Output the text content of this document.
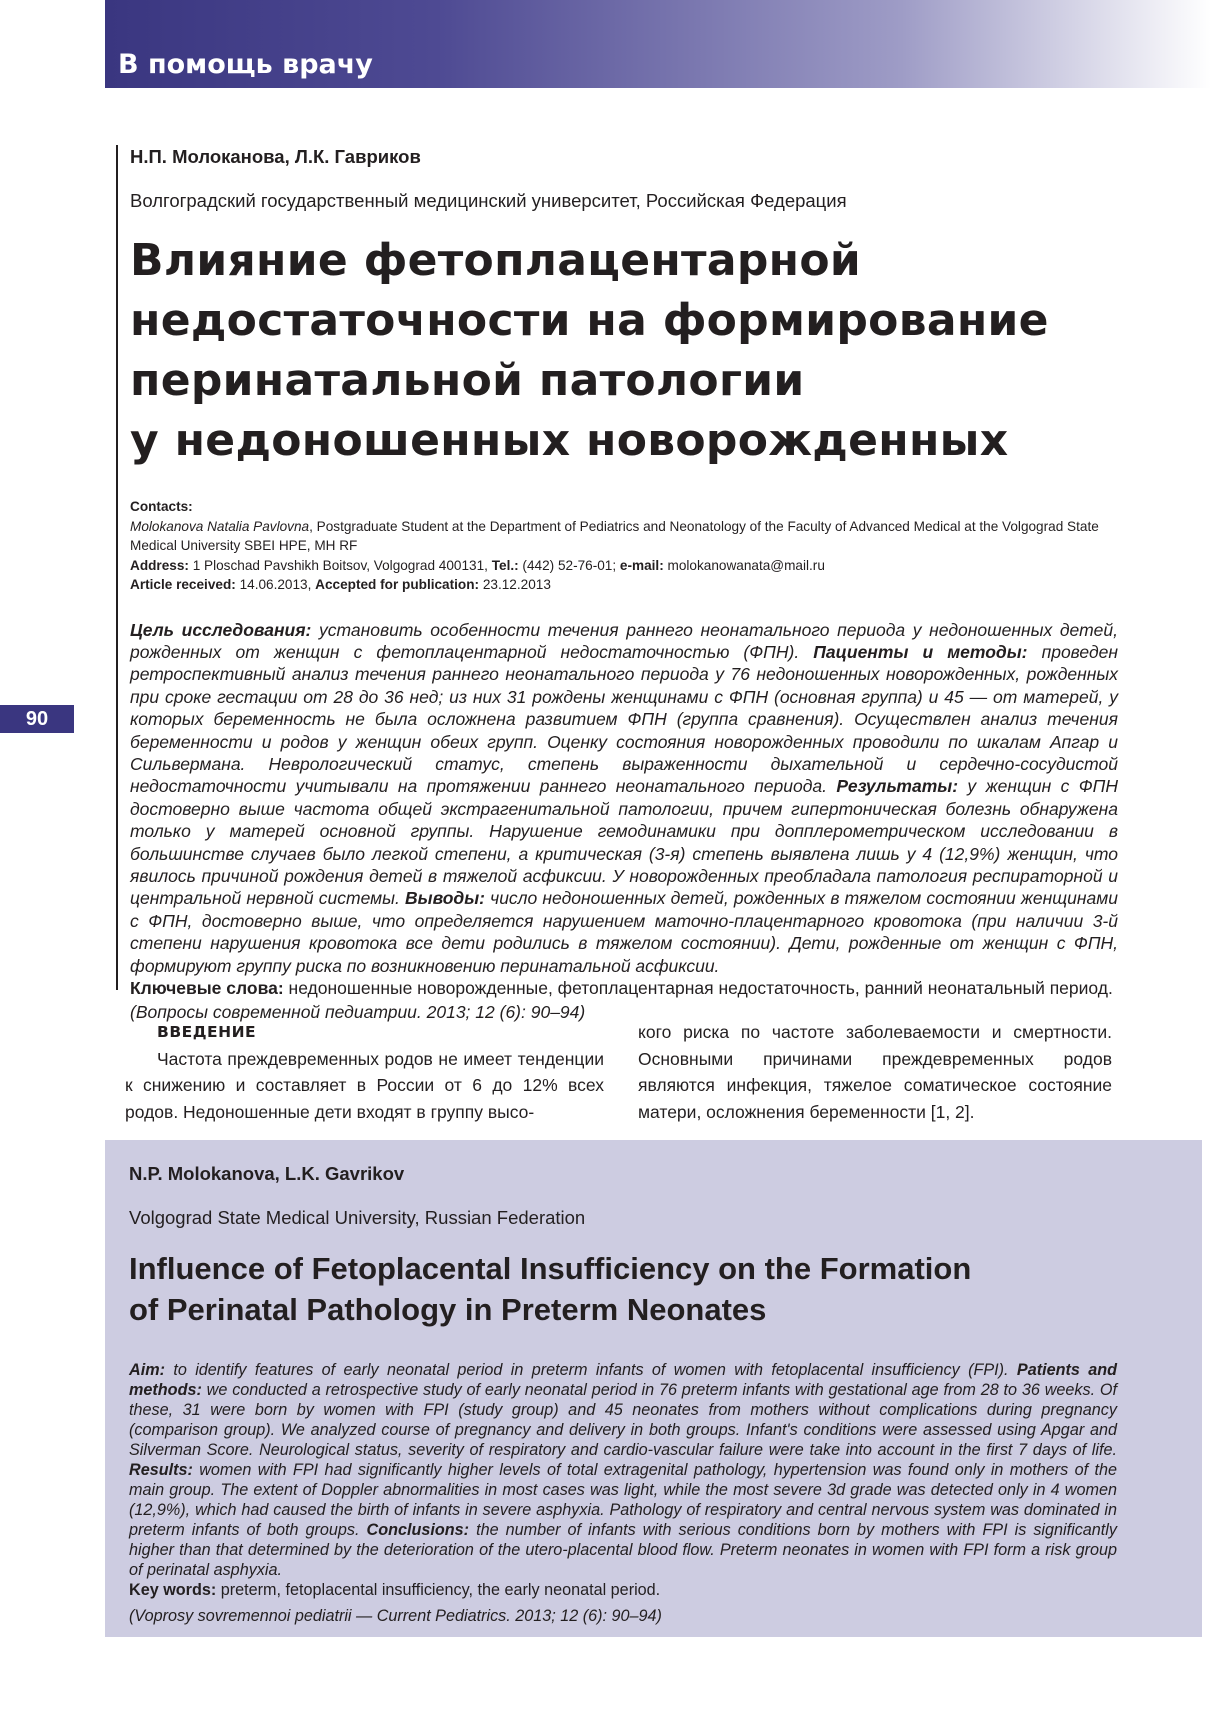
В помощь врачу
90
Н.П. Молоканова, Л.К. Гавриков
Волгоградский государственный медицинский университет, Российская Федерация
Влияние фетоплацентарной
недостаточности на формирование
перинатальной патологии
у недоношенных новорожденных
Contacts:
Molokanova Natalia Pavlovna, Postgraduate Student at the Department of Pediatrics and Neonatology of the Faculty of Advanced Medical at the Volgograd State Medical University SBEI HPE, MH RF
Address: 1 Ploschad Pavshikh Boitsov, Volgograd 400131, Tel.: (442) 52-76-01; e-mail: molokanowanata@mail.ru
Article received: 14.06.2013, Accepted for publication: 23.12.2013
Цель исследования: установить особенности течения раннего неонатального периода у недоношенных детей, рожденных от женщин с фетоплацентарной недостаточностью (ФПН). Пациенты и методы: проведен ретроспективный анализ течения раннего неонатального периода у 76 недоношенных новорожденных, рожденных при сроке гестации от 28 до 36 нед; из них 31 рождены женщинами с ФПН (основная группа) и 45 — от матерей, у которых беременность не была осложнена развитием ФПН (группа сравнения). Осуществлен анализ течения беременности и родов у женщин обеих групп. Оценку состояния новорожденных проводили по шкалам Апгар и Сильвермана. Неврологический статус, степень выраженности дыхательной и сердечно-сосудистой недостаточности учитывали на протяжении раннего неонатального периода. Результаты: у женщин с ФПН достоверно выше частота общей экстрагенитальной патологии, причем гипертоническая болезнь обнаружена только у матерей основной группы. Нарушение гемодинамики при допплерометрическом исследовании в большинстве случаев было легкой степени, а критическая (3-я) степень выявлена лишь у 4 (12,9%) женщин, что явилось причиной рождения детей в тяжелой асфиксии. У новорожденных преобладала патология респираторной и центральной нервной системы. Выводы: число недоношенных детей, рожденных в тяжелом состоянии женщинами с ФПН, достоверно выше, что определяется нарушением маточно-плацентарного кровотока (при наличии 3-й степени нарушения кровотока все дети родились в тяжелом состоянии). Дети, рожденные от женщин с ФПН, формируют группу риска по возникновению перинатальной асфиксии.
Ключевые слова: недоношенные новорожденные, фетоплацентарная недостаточность, ранний неонатальный период.
(Вопросы современной педиатрии. 2013; 12 (6): 90–94)
ВВЕДЕНИЕ
Частота преждевременных родов не имеет тенденции к снижению и составляет в России от 6 до 12% всех родов. Недоношенные дети входят в группу высо-
кого риска по частоте заболеваемости и смертности. Основными причинами преждевременных родов являются инфекция, тяжелое соматическое состояние матери, осложнения беременности [1, 2].
N.P. Molokanova, L.K. Gavrikov
Volgograd State Medical University, Russian Federation
Influence of Fetoplacental Insufficiency on the Formation
of Perinatal Pathology in Preterm Neonates
Aim: to identify features of early neonatal period in preterm infants of women with fetoplacental insufficiency (FPI). Patients and methods: we conducted a retrospective study of early neonatal period in 76 preterm infants with gestational age from 28 to 36 weeks. Of these, 31 were born by women with FPI (study group) and 45 neonates from mothers without complications during pregnancy (comparison group). We analyzed course of pregnancy and delivery in both groups. Infant's conditions were assessed using Apgar and Silverman Score. Neurological status, severity of respiratory and cardio-vascular failure were take into account in the first 7 days of life. Results: women with FPI had significantly higher levels of total extragenital pathology, hypertension was found only in mothers of the main group. The extent of Doppler abnormalities in most cases was light, while the most severe 3d grade was detected only in 4 women (12,9%), which had caused the birth of infants in severe asphyxia. Pathology of respiratory and central nervous system was dominated in preterm infants of both groups. Conclusions: the number of infants with serious conditions born by mothers with FPI is significantly higher than that determined by the deterioration of the utero-placental blood flow. Preterm neonates in women with FPI form a risk group of perinatal asphyxia.
Key words: preterm, fetoplacental insufficiency, the early neonatal period.
(Voprosy sovremennoi pediatrii — Current Pediatrics. 2013; 12 (6): 90–94)
